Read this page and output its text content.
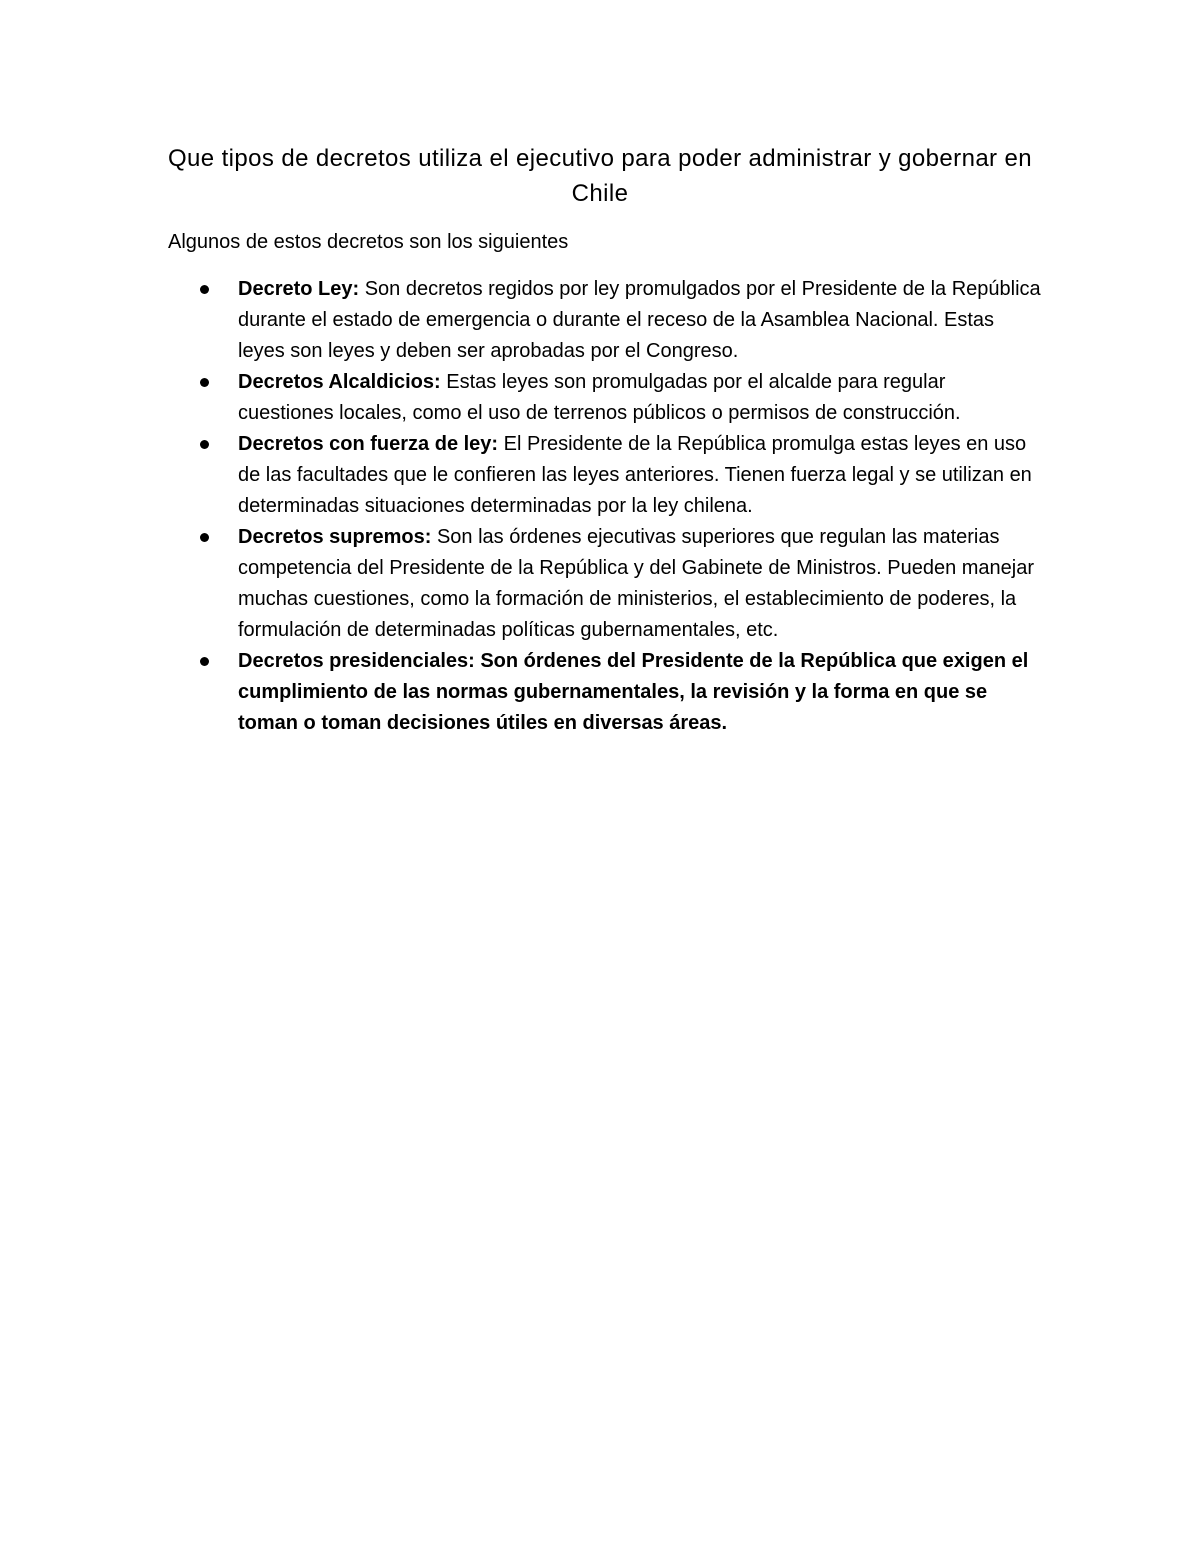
Que tipos de decretos utiliza el ejecutivo para poder administrar y gobernar en Chile

Algunos de estos decretos son los siguientes

Decreto Ley: Son decretos regidos por ley promulgados por el Presidente de la República durante el estado de emergencia o durante el receso de la Asamblea Nacional. Estas leyes son leyes y deben ser aprobadas por el Congreso.
Decretos Alcaldicios: Estas leyes son promulgadas por el alcalde para regular cuestiones locales, como el uso de terrenos públicos o permisos de construcción.
Decretos con fuerza de ley: El Presidente de la República promulga estas leyes en uso de las facultades que le confieren las leyes anteriores. Tienen fuerza legal y se utilizan en determinadas situaciones determinadas por la ley chilena.
Decretos supremos: Son las órdenes ejecutivas superiores que regulan las materias competencia del Presidente de la República y del Gabinete de Ministros. Pueden manejar muchas cuestiones, como la formación de ministerios, el establecimiento de poderes, la formulación de determinadas políticas gubernamentales, etc.
Decretos presidenciales: Son órdenes del Presidente de la República que exigen el cumplimiento de las normas gubernamentales, la revisión y la forma en que se toman o toman decisiones útiles en diversas áreas.
